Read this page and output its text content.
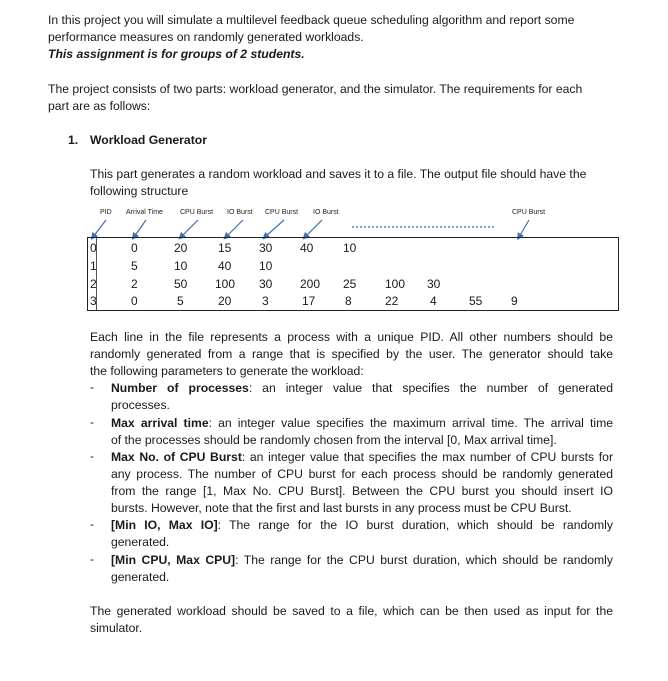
In this project you will simulate a multilevel feedback queue scheduling algorithm and report some
performance measures on randomly generated workloads.
This assignment is for groups of 2 students.
The project consists of two parts: workload generator, and the simulator. The requirements for each
part are as follows:
1. Workload Generator
This part generates a random workload and saves it to a file. The output file should have the
following structure
PID Arrival Time CPU Burst IO Burst CPU Burst IO Burst	CPU Burst
0	0	20	15 30 40 10
1	5	10	40 10
2	2	50 100 30 200 25 100 30
3	0	5	20	3	17 8	22	4	55 9
Each line in the file represents a process with a unique PID. All other numbers should be
randomly generated from a range that is specified by the user. The generator should take
the following parameters to generate the workload:
- Number of processes: an integer value that specifies the number of generated
processes.
- Max arrival time: an integer value specifies the maximum arrival time. The arrival time
of the processes should be randomly chosen from the interval [0, Max arrival time].
- Max No. of CPU Burst: an integer value that specifies the max number of CPU bursts for
any process. The number of CPU burst for each process should be randomly generated
from the range [1, Max No. CPU Burst]. Between the CPU burst you should insert IO
bursts. However, note that the first and last bursts in any process must be CPU Burst.
- [Min IO, Max IO]: The range for the IO burst duration, which should be randomly
generated.
- [Min CPU, Max CPU]: The range for the CPU burst duration, which should be randomly
generated.
The generated workload should be saved to a file, which can be then used as input for the
simulator.
